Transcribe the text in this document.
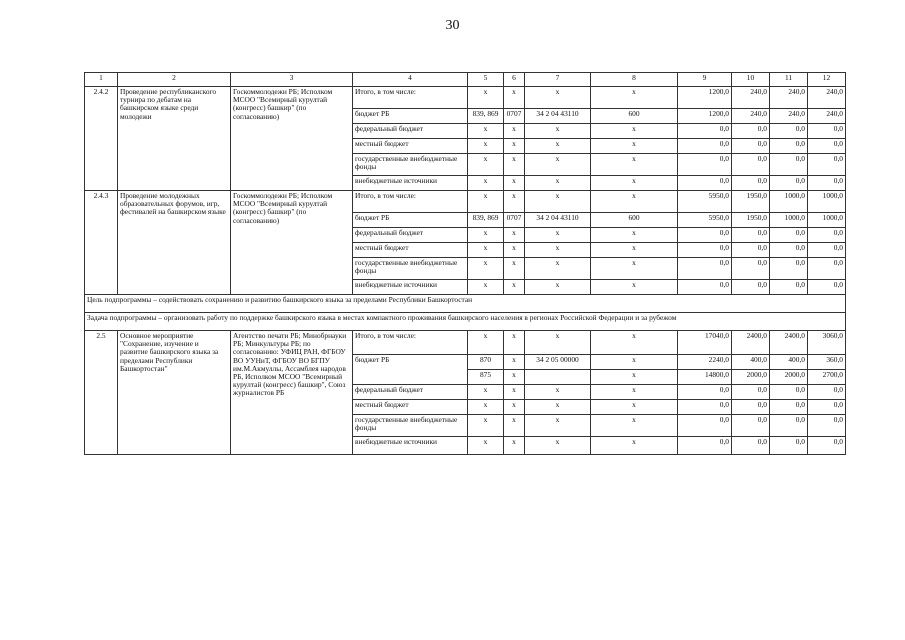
30
1	2	3	4	5	6	7	8	9	10	11	12
2.4.2	Проведение республиканского турнира по дебатам на башкирском языке среди молодежи	Госкоммолодежи РБ; Исполком МСОО "Всемирный курултай (конгресс) башкир" (по согласованию)	Итого, в том числе:	х	х	х	х	1200,0	240,0	240,0	240,0
			бюджет РБ	839, 869	0707	34 2 04 43110	600	1200,0	240,0	240,0	240,0
			федеральный бюджет	х	х	х	х	0,0	0,0	0,0	0,0
			местный бюджет	х	х	х	х	0,0	0,0	0,0	0,0
			государственные внебюджетные фонды	х	х	х	х	0,0	0,0	0,0	0,0
			внебюджетные источники	х	х	х	х	0,0	0,0	0,0	0,0
2.4.3	Проведение молодежных образовательных форумов, игр, фестивалей на башкирском языке	Госкоммолодежи РБ; Исполком МСОО "Всемирный курултай (конгресс) башкир" (по согласованию)	Итого, в том числе:	х	х	х	х	5950,0	1950,0	1000,0	1000,0
			бюджет РБ	839, 869	0707	34 2 04 43110	600	5950,0	1950,0	1000,0	1000,0
			федеральный бюджет	х	х	х	х	0,0	0,0	0,0	0,0
			местный бюджет	х	х	х	х	0,0	0,0	0,0	0,0
			государственные внебюджетные фонды	х	х	х	х	0,0	0,0	0,0	0,0
			внебюджетные источники	х	х	х	х	0,0	0,0	0,0	0,0
Цель подпрограммы – содействовать сохранению и развитию башкирского языка за пределами Республики Башкортостан											
Задача подпрограммы – организовать работу по поддержке башкирского языка в местах компактного проживания башкирского населения в регионах Российской Федерации и за рубежом											
2.5	Основное мероприятие "Сохранение, изучение и развитие башкирского языка за пределами Республики Башкортостан"	Агентство печати РБ; Минобрнауки РБ; Минкультуры РБ; по согласованию: УФИЦ РАН, ФГБОУ ВО УУНиТ, ФГБОУ ВО БГПУ им.М.Акмуллы, Ассамблея народов РБ, Исполком МСОО "Всемирный курултай (конгресс) башкир", Союз журналистов РБ	Итого, в том числе:	х	х	х	х	17040,0	2400,0	2400,0	3060,0
			бюджет РБ	870	х	34 2 05 00000	х	2240,0	400,0	400,0	360,0
				875	х		х	14800,0	2000,0	2000,0	2700,0
			федеральный бюджет	х	х	х	х	0,0	0,0	0,0	0,0
			местный бюджет	х	х	х	х	0,0	0,0	0,0	0,0
			государственные внебюджетные фонды	х	х	х	х	0,0	0,0	0,0	0,0
			внебюджетные источники	х	х	х	х	0,0	0,0	0,0	0,0
